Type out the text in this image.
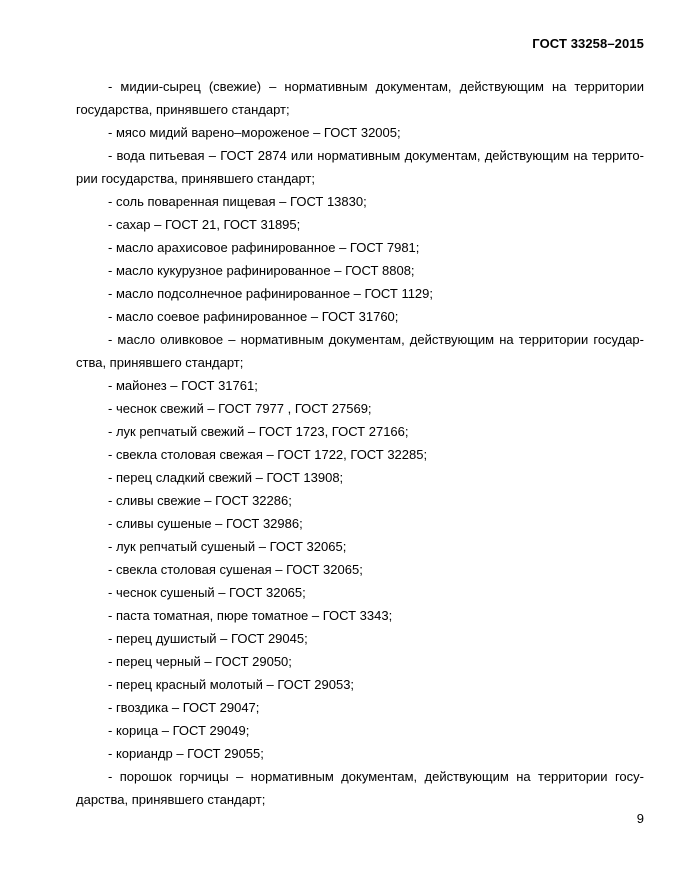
ГОСТ 33258–2015
- мидии-сырец (свежие) – нормативным документам, действующим на территории
государства, принявшего стандарт;
- мясо мидий варено–мороженое – ГОСТ 32005;
- вода питьевая – ГОСТ 2874 или нормативным документам, действующим на террито-
рии государства, принявшего стандарт;
- соль поваренная пищевая – ГОСТ 13830;
- сахар – ГОСТ 21, ГОСТ 31895;
- масло арахисовое рафинированное – ГОСТ 7981;
- масло кукурузное рафинированное – ГОСТ 8808;
- масло подсолнечное рафинированное – ГОСТ 1129;
- масло соевое рафинированное – ГОСТ 31760;
- масло оливковое – нормативным документам, действующим на территории государ-
ства, принявшего стандарт;
- майонез – ГОСТ 31761;
- чеснок свежий – ГОСТ 7977 , ГОСТ 27569;
- лук репчатый свежий – ГОСТ 1723, ГОСТ 27166;
- свекла столовая свежая – ГОСТ 1722, ГОСТ 32285;
- перец сладкий свежий – ГОСТ 13908;
- сливы свежие – ГОСТ 32286;
- сливы сушеные – ГОСТ 32986;
- лук репчатый сушеный – ГОСТ 32065;
- свекла столовая сушеная – ГОСТ 32065;
- чеснок сушеный – ГОСТ 32065;
- паста томатная, пюре томатное – ГОСТ 3343;
- перец душистый – ГОСТ 29045;
- перец черный – ГОСТ 29050;
- перец красный молотый – ГОСТ 29053;
- гвоздика – ГОСТ 29047;
- корица – ГОСТ 29049;
- кориандр – ГОСТ 29055;
- порошок горчицы – нормативным документам, действующим на территории госу-
дарства, принявшего стандарт;
9
